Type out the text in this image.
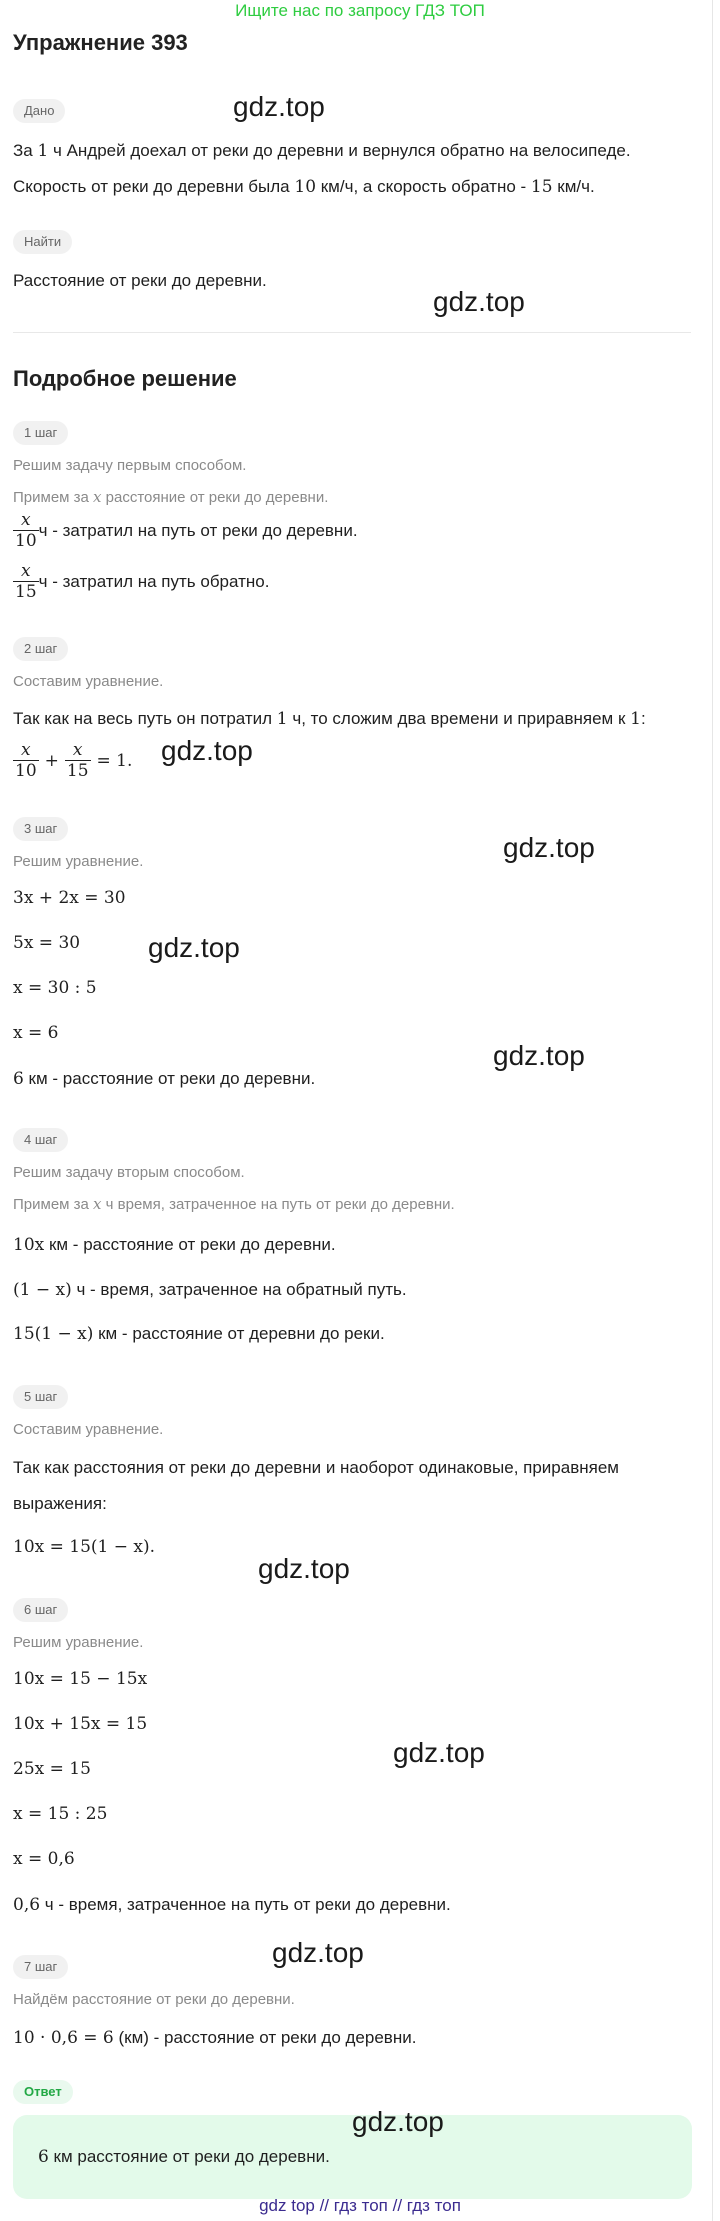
Ищите нас по запросу ГДЗ ТОП
Упражнение 393
Дано
За 1 ч Андрей доехал от реки до деревни и вернулся обратно на велосипеде.
Скорость от реки до деревни была 10 км/ч, а скорость обратно - 15 км/ч.
Найти
Расстояние от реки до деревни.
Подробное решение
1 шаг
Решим задачу первым способом.
Примем за x расстояние от реки до деревни.
$\frac{x}{10}$ ч - затратил на путь от реки до деревни.
$\frac{x}{15}$ ч - затратил на путь обратно.
2 шаг
Составим уравнение.
Так как на весь путь он потратил 1 ч, то сложим два времени и приравняем к 1:
$\frac{x}{10} + \frac{x}{15} = 1$.
3 шаг
Решим уравнение.
3x + 2x = 30
5x = 30
x = 30 : 5
x = 6
6 км - расстояние от реки до деревни.
4 шаг
Решим задачу вторым способом.
Примем за x ч время, затраченное на путь от реки до деревни.
10x км - расстояние от реки до деревни.
(1 − x) ч - время, затраченное на обратный путь.
15(1 − x) км - расстояние от деревни до реки.
5 шаг
Составим уравнение.
Так как расстояния от реки до деревни и наоборот одинаковые, приравняем
выражения:
10x = 15(1 − x).
6 шаг
Решим уравнение.
10x = 15 − 15x
10x + 15x = 15
25x = 15
x = 15 : 25
x = 0,6
0,6 ч - время, затраченное на путь от реки до деревни.
7 шаг
Найдём расстояние от реки до деревни.
10 · 0,6 = 6 (км) - расстояние от реки до деревни.
Ответ
6 км расстояние от реки до деревни.
gdz.top
gdz.top
gdz.top
gdz.top
gdz.top
gdz.top
gdz.top
gdz.top
gdz.top
gdz.top
gdz top // гдз топ // гдз топ
